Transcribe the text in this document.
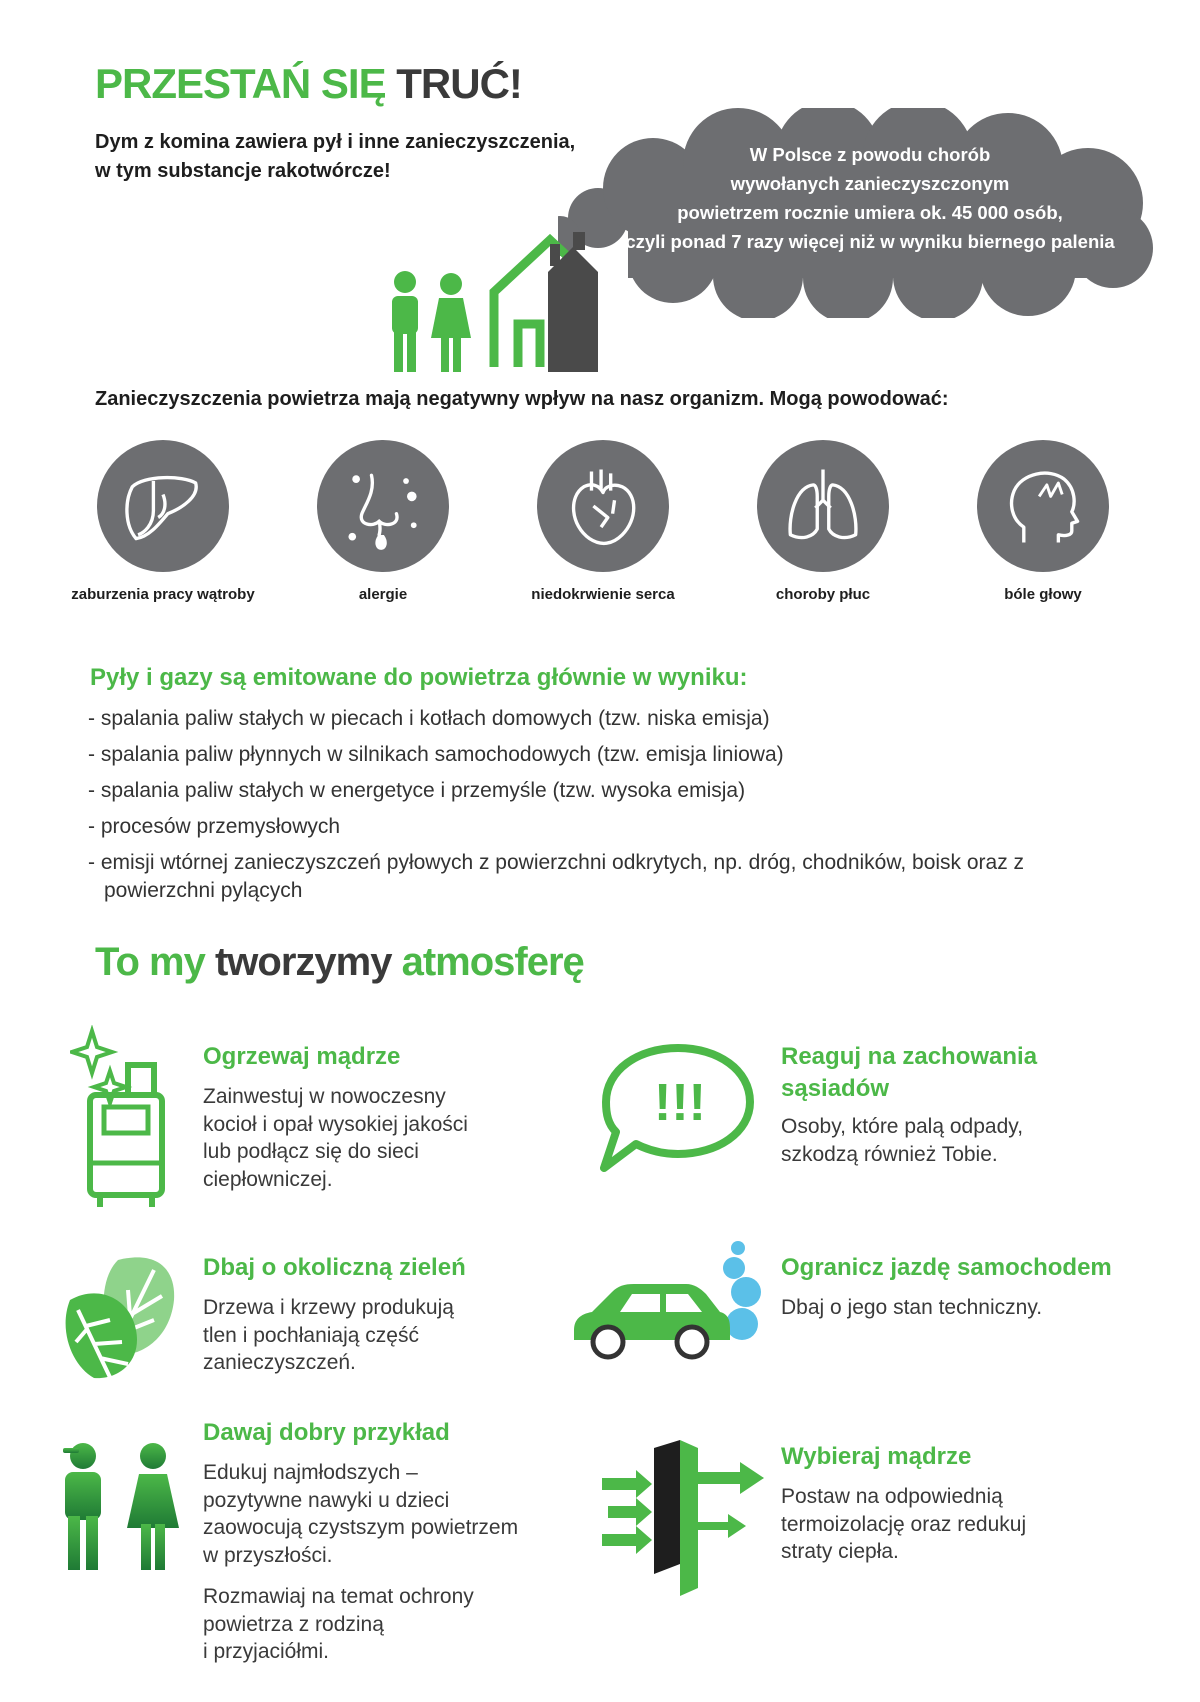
PRZESTAŃ SIĘ TRUĆ!

Dym z komina zawiera pył i inne zanieczyszczenia,
w tym substancje rakotwórcze!

W Polsce z powodu chorób
wywołanych zanieczyszczonym
powietrzem rocznie umiera ok. 45 000 osób,
czyli ponad 7 razy więcej niż w wyniku biernego palenia

Zanieczyszczenia powietrza mają negatywny wpływ na nasz organizm. Mogą powodować:
zaburzenia pracy wątroby	alergie	niedokrwienie serca	choroby płuc	bóle głowy
Pyły i gazy są emitowane do powietrza głównie w wyniku:
- spalania paliw stałych w piecach i kotłach domowych (tzw. niska emisja)
- spalania paliw płynnych w silnikach samochodowych (tzw. emisja liniowa)
- spalania paliw stałych w energetyce i przemyśle (tzw. wysoka emisja)
- procesów przemysłowych
- emisji wtórnej zanieczyszczeń pyłowych z powierzchni odkrytych, np. dróg, chodników, boisk oraz z powierzchni pylących
To my tworzymy atmosferę
Ogrzewaj mądrze

Zainwestuj w nowoczesny
kocioł i opał wysokiej jakości
lub podłącz się do sieci
ciepłowniczej.

!!!
Reaguj na zachowania
sąsiadów

Osoby, które palą odpady,
szkodzą również Tobie.

Dbaj o okoliczną zieleń

Drzewa i krzewy produkują
tlen i pochłaniają część
zanieczyszczeń.

Ogranicz jazdę samochodem

Dbaj o jego stan techniczny.

Dawaj dobry przykład

Edukuj najmłodszych –
pozytywne nawyki u dzieci
zaowocują czystszym powietrzem
w przyszłości.

Rozmawiaj na temat ochrony
powietrza z rodziną
i przyjaciółmi.

Wybieraj mądrze

Postaw na odpowiednią
termoizolację oraz redukuj
straty ciepła.
